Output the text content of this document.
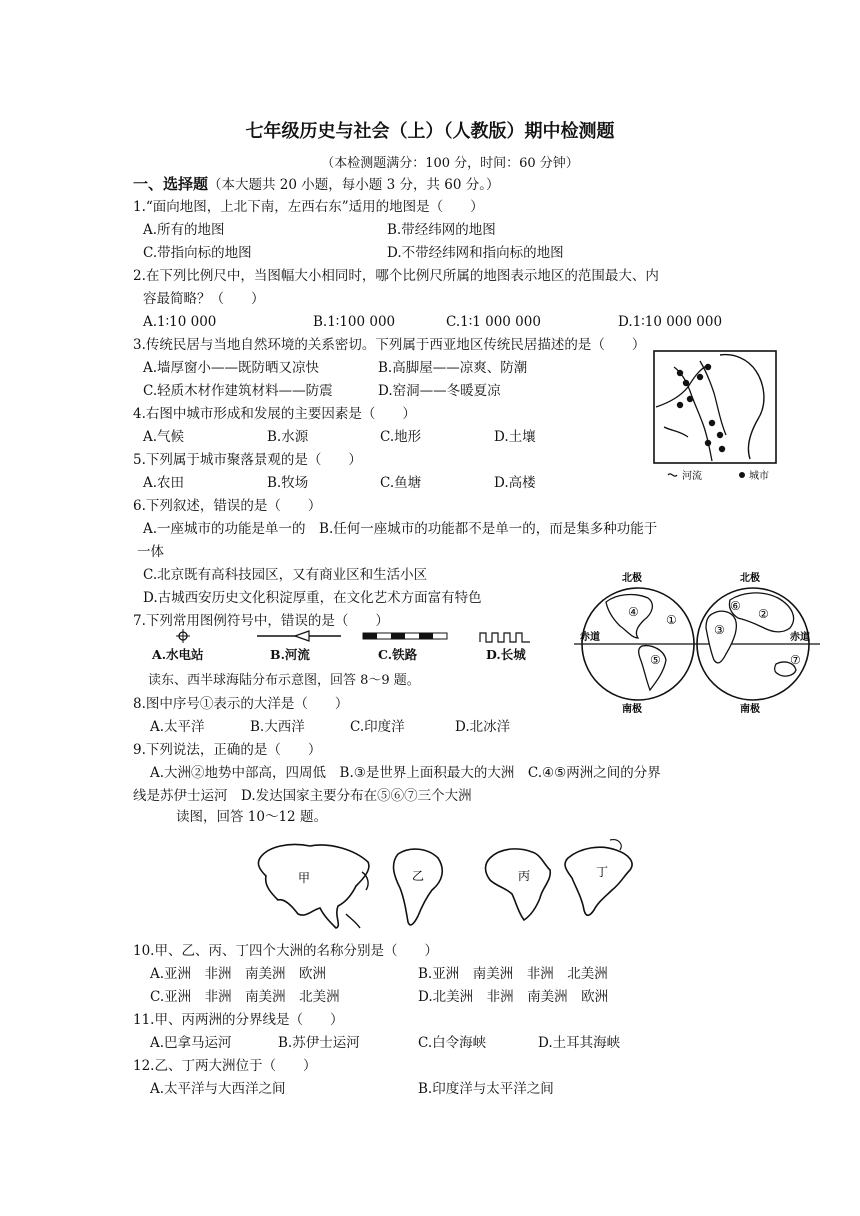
七年级历史与社会（上）（人教版）期中检测题
（本检测题满分：100 分，时间：60 分钟）
一、选择题（本大题共 20 小题，每小题 3 分，共 60 分。）
1.“面向地图，上北下南，左西右东”适用的地图是（　　）
A.所有的地图	B.带经纬网的地图
C.带指向标的地图	D.不带经纬网和指向标的地图
2.在下列比例尺中，当图幅大小相同时，哪个比例尺所属的地图表示地区的范围最大、内
容最简略？（　　）
A.1∶10 000	B.1∶100 000	C.1∶1 000 000	D.1∶10 000 000
3.传统民居与当地自然环境的关系密切。下列属于西亚地区传统民居描述的是（　　）
A.墙厚窗小——既防晒又凉快	B.高脚屋——凉爽、防潮
C.轻质木材作建筑材料——防震	D.窑洞——冬暖夏凉
4.右图中城市形成和发展的主要因素是（　　）
A.气候	B.水源	C.地形	D.土壤
5.下列属于城市聚落景观的是（　　）
A.农田	B.牧场	C.鱼塘	D.高楼
6.下列叙述，错误的是（　　）
A.一座城市的功能是单一的　B.任何一座城市的功能都不是单一的，而是集多种功能于
一体
C.北京既有高科技园区，又有商业区和生活小区
D.古城西安历史文化积淀厚重，在文化艺术方面富有特色
7.下列常用图例符号中，错误的是（　　）
A.水电站	B.河流	C.铁路	D.长城
读东、西半球海陆分布示意图，回答 8～9 题。
8.图中序号①表示的大洋是（　　）
A.太平洋	B.大西洋	C.印度洋	D.北冰洋
9.下列说法，正确的是（　　）
A.大洲②地势中部高，四周低　B.③是世界上面积最大的大洲　C.④⑤两洲之间的分界
线是苏伊士运河　D.发达国家主要分布在⑤⑥⑦三个大洲
读图，回答 10～12 题。
甲	乙	丙	丁
10.甲、乙、丙、丁四个大洲的名称分别是（　　）
A.亚洲　非洲　南美洲　欧洲	B.亚洲　南美洲　非洲　北美洲
C.亚洲　非洲　南美洲　北美洲	D.北美洲　非洲　南美洲　欧洲
11.甲、丙两洲的分界线是（　　）
A.巴拿马运河	B.苏伊士运河	C.白令海峡	D.土耳其海峡
12.乙、丁两大洲位于（　　）
A.太平洋与大西洋之间	B.印度洋与太平洋之间
河流	城市
北极	北极
南极	南极
赤道	赤道
④
①
⑤
⑥
②
③
⑦
